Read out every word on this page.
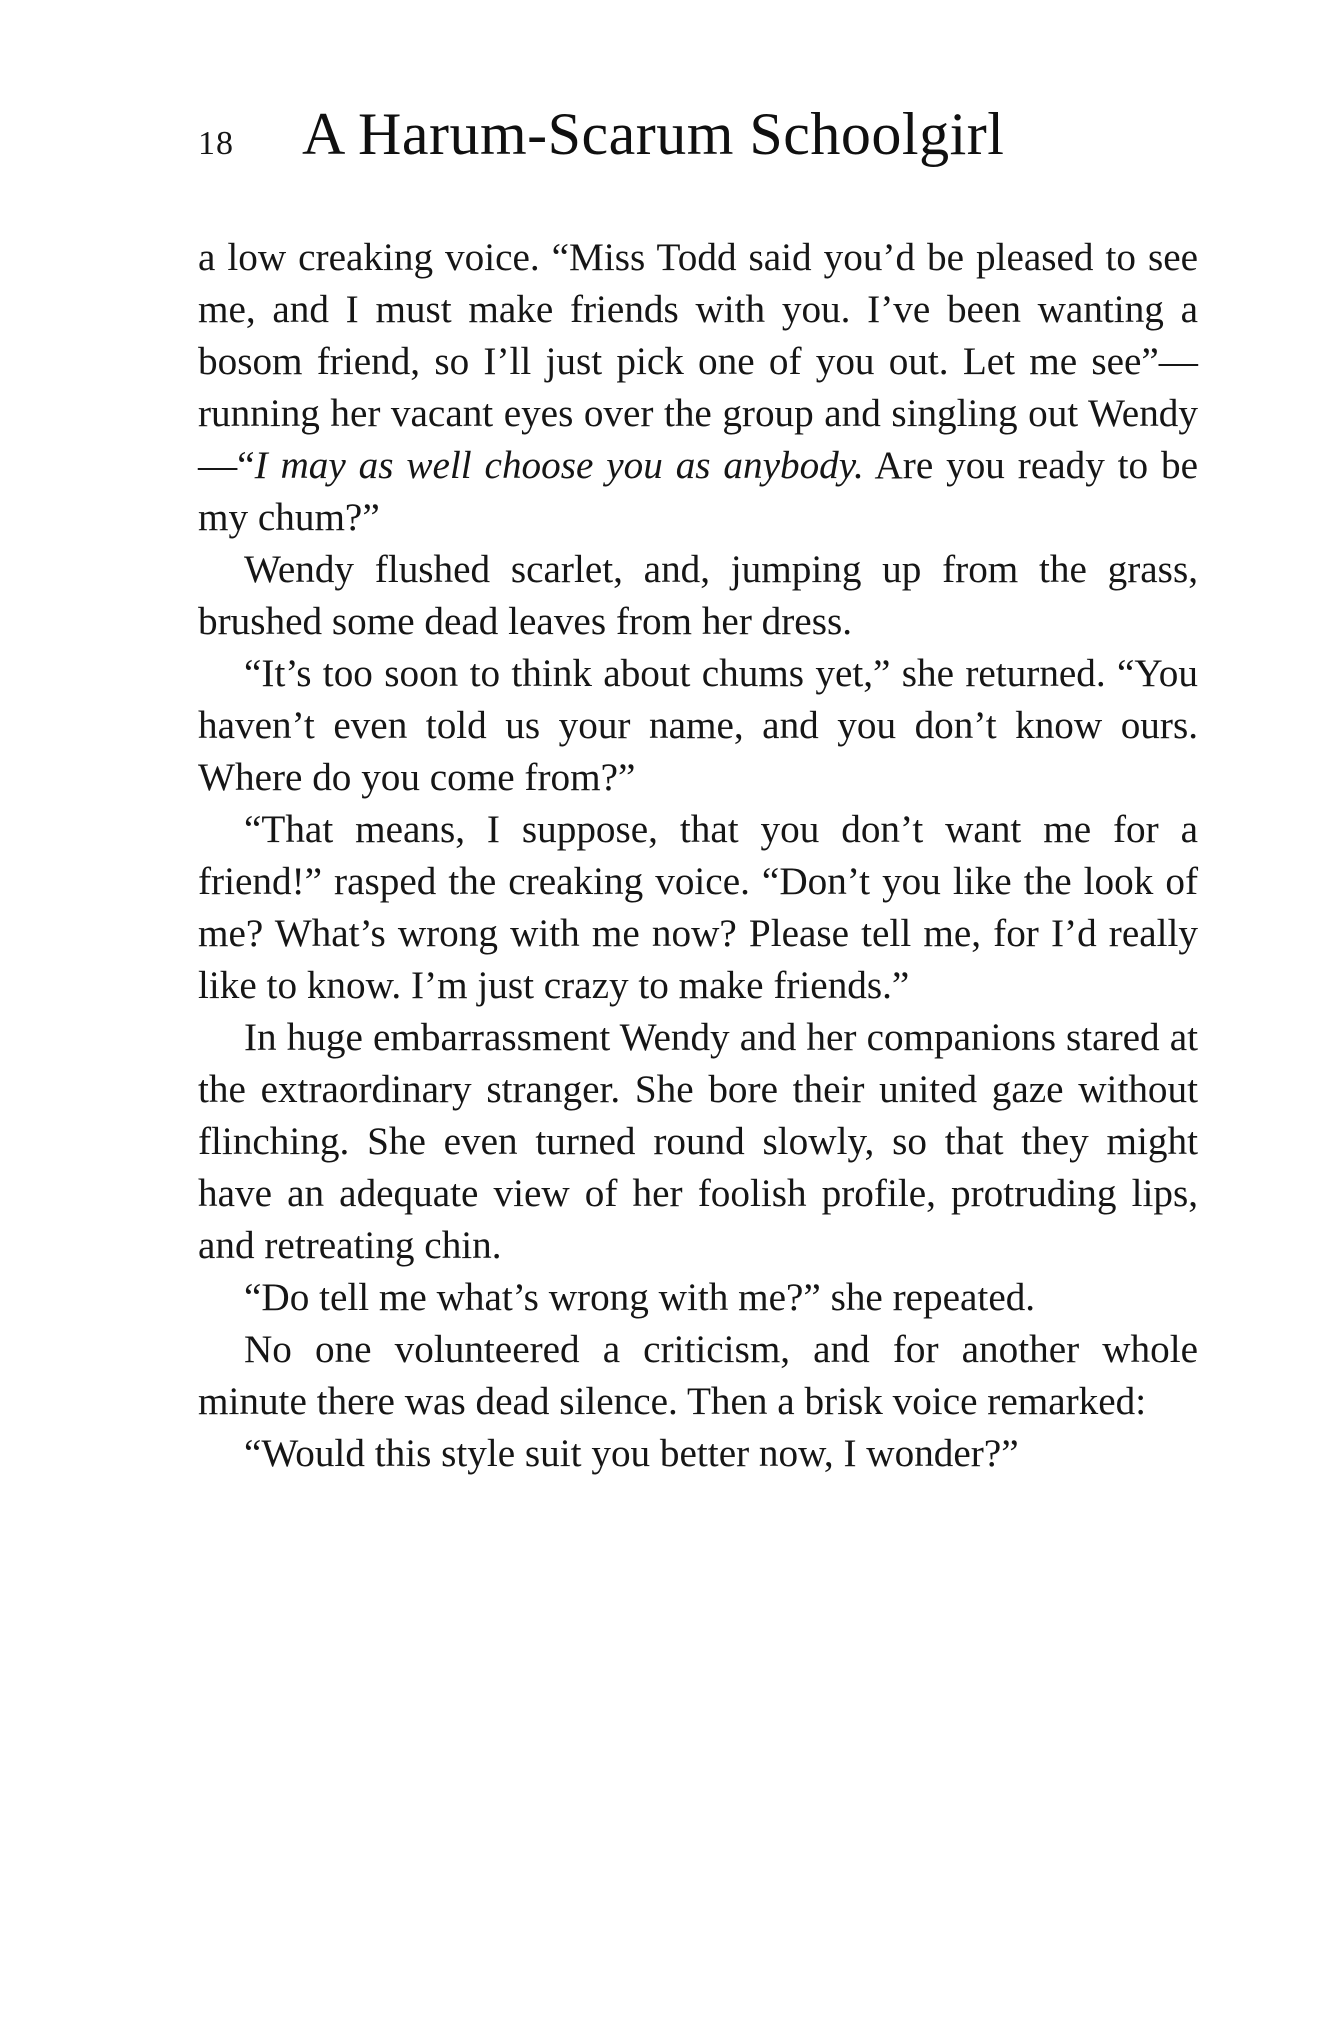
18	A Harum-Scarum Schoolgirl

a low creaking voice. “Miss Todd said you’d be pleased to see me, and I must make friends with you. I’ve been wanting a bosom friend, so I’ll just pick one of you out. Let me see”—running her vacant eyes over the group and singling out Wendy—“I may as well choose you as anybody. Are you ready to be my chum?”

Wendy flushed scarlet, and, jumping up from the grass, brushed some dead leaves from her dress.

“It’s too soon to think about chums yet,” she returned. “You haven’t even told us your name, and you don’t know ours. Where do you come from?”

“That means, I suppose, that you don’t want me for a friend!” rasped the creaking voice. “Don’t you like the look of me? What’s wrong with me now? Please tell me, for I’d really like to know. I’m just crazy to make friends.”

In huge embarrassment Wendy and her companions stared at the extraordinary stranger. She bore their united gaze without flinching. She even turned round slowly, so that they might have an adequate view of her foolish profile, protruding lips, and retreating chin.

“Do tell me what’s wrong with me?” she repeated.

No one volunteered a criticism, and for another whole minute there was dead silence. Then a brisk voice remarked:

“Would this style suit you better now, I wonder?”
